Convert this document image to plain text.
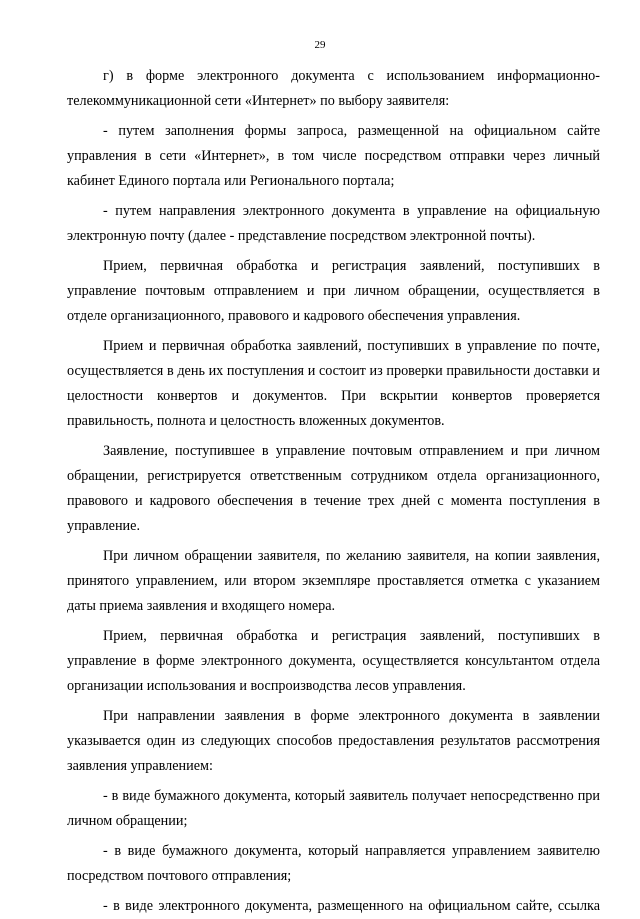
29

г) в форме электронного документа с использованием информационно-телекоммуникационной сети «Интернет» по выбору заявителя:

- путем заполнения формы запроса, размещенной на официальном сайте управления в сети «Интернет», в том числе посредством отправки через личный кабинет Единого портала или Регионального портала;

- путем направления электронного документа в управление на официальную электронную почту (далее - представление посредством электронной почты).

Прием, первичная обработка и регистрация заявлений, поступивших в управление почтовым отправлением и при личном обращении, осуществляется в отделе организационного, правового и кадрового обеспечения управления.

Прием и первичная обработка заявлений, поступивших в управление по почте, осуществляется в день их поступления и состоит из проверки правильности доставки и целостности конвертов и документов. При вскрытии конвертов проверяется правильность, полнота и целостность вложенных документов.

Заявление, поступившее в управление почтовым отправлением и при личном обращении, регистрируется ответственным сотрудником отдела организационного, правового и кадрового обеспечения в течение трех дней с момента поступления в управление.

При личном обращении заявителя, по желанию заявителя, на копии заявления, принятого управлением, или втором экземпляре проставляется отметка с указанием даты приема заявления и входящего номера.

Прием, первичная обработка и регистрация заявлений, поступивших в управление в форме электронного документа, осуществляется консультантом отдела организации использования и воспроизводства лесов управления.

При направлении заявления в форме электронного документа в заявлении указывается один из следующих способов предоставления результатов рассмотрения заявления управлением:

- в виде бумажного документа, который заявитель получает непосредственно при личном обращении;

- в виде бумажного документа, который направляется управлением заявителю посредством почтового отправления;

- в виде электронного документа, размещенного на официальном сайте, ссылка
